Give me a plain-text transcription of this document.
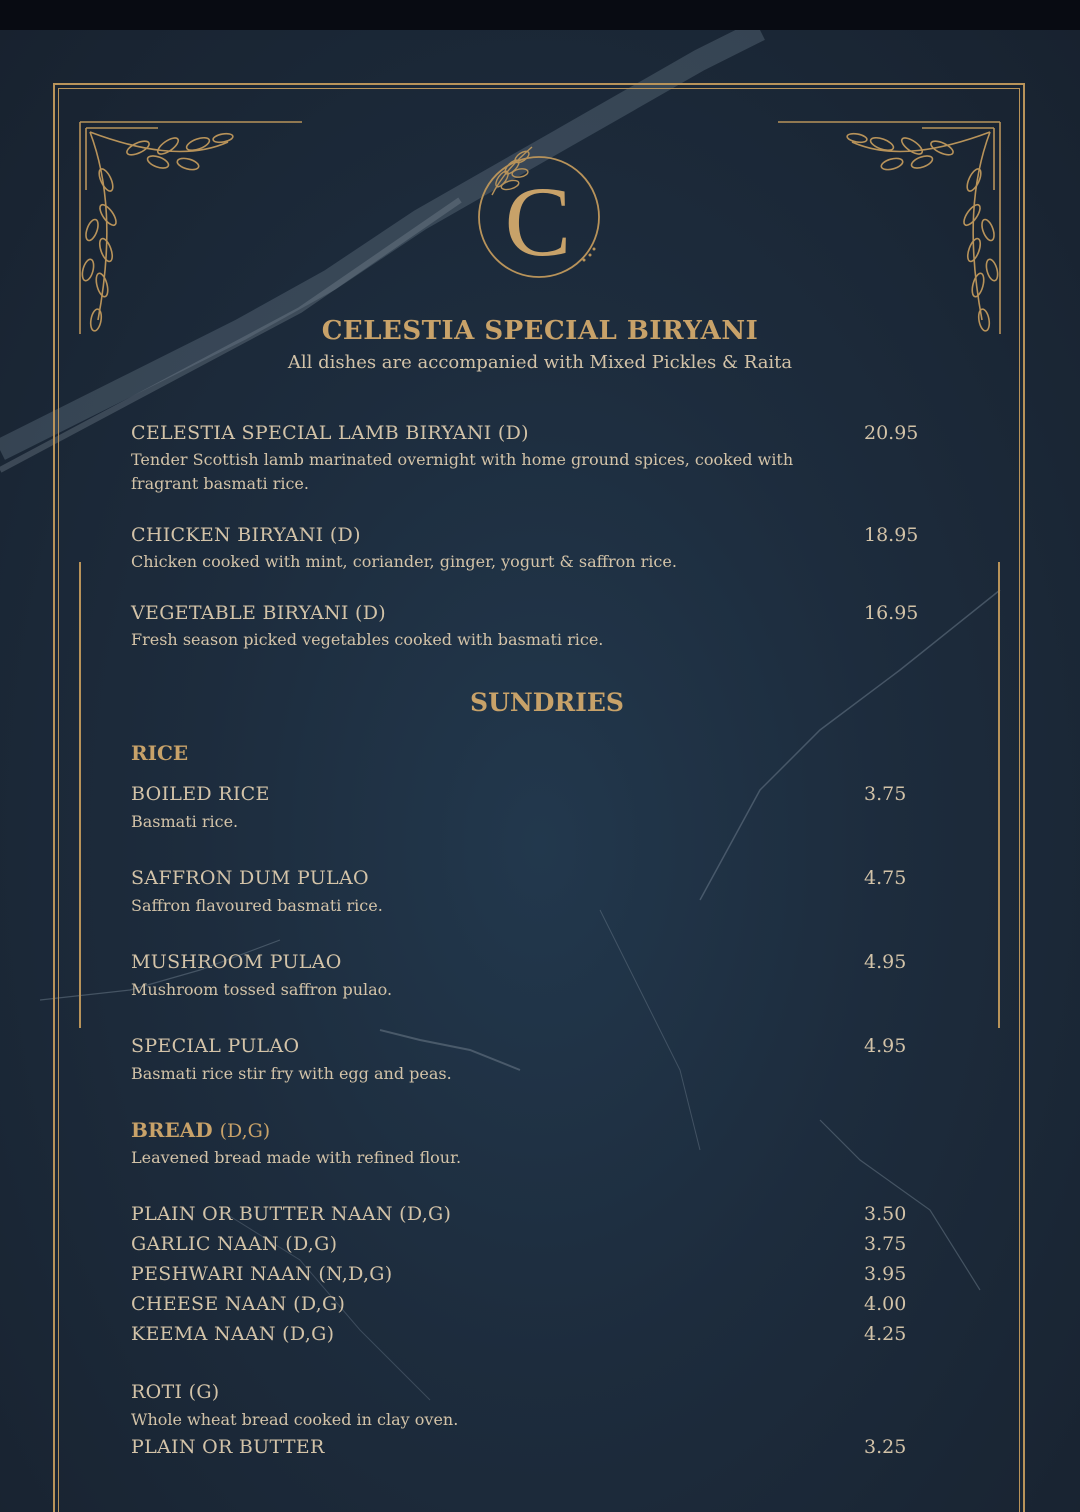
C
CELESTIA SPECIAL BIRYANI
All dishes are accompanied with Mixed Pickles & Raita
CELESTIA SPECIAL LAMB BIRYANI (D)	20.95
Tender Scottish lamb marinated overnight with home ground spices, cooked with fragrant basmati rice.
CHICKEN BIRYANI (D)	18.95
Chicken cooked with mint, coriander, ginger, yogurt & saffron rice.
VEGETABLE BIRYANI (D)	16.95
Fresh season picked vegetables cooked with basmati rice.
SUNDRIES
RICE
BOILED RICE	3.75
Basmati rice.
SAFFRON DUM PULAO	4.75
Saffron flavoured basmati rice.
MUSHROOM PULAO	4.95
Mushroom tossed saffron pulao.
SPECIAL PULAO	4.95
Basmati rice stir fry with egg and peas.
BREAD (D,G)
Leavened bread made with refined flour.
PLAIN OR BUTTER NAAN (D,G)	3.50
GARLIC NAAN (D,G)	3.75
PESHWARI NAAN (N,D,G)	3.95
CHEESE NAAN (D,G)	4.00
KEEMA NAAN (D,G)	4.25
ROTI (G)
Whole wheat bread cooked in clay oven.
PLAIN OR BUTTER	3.25
